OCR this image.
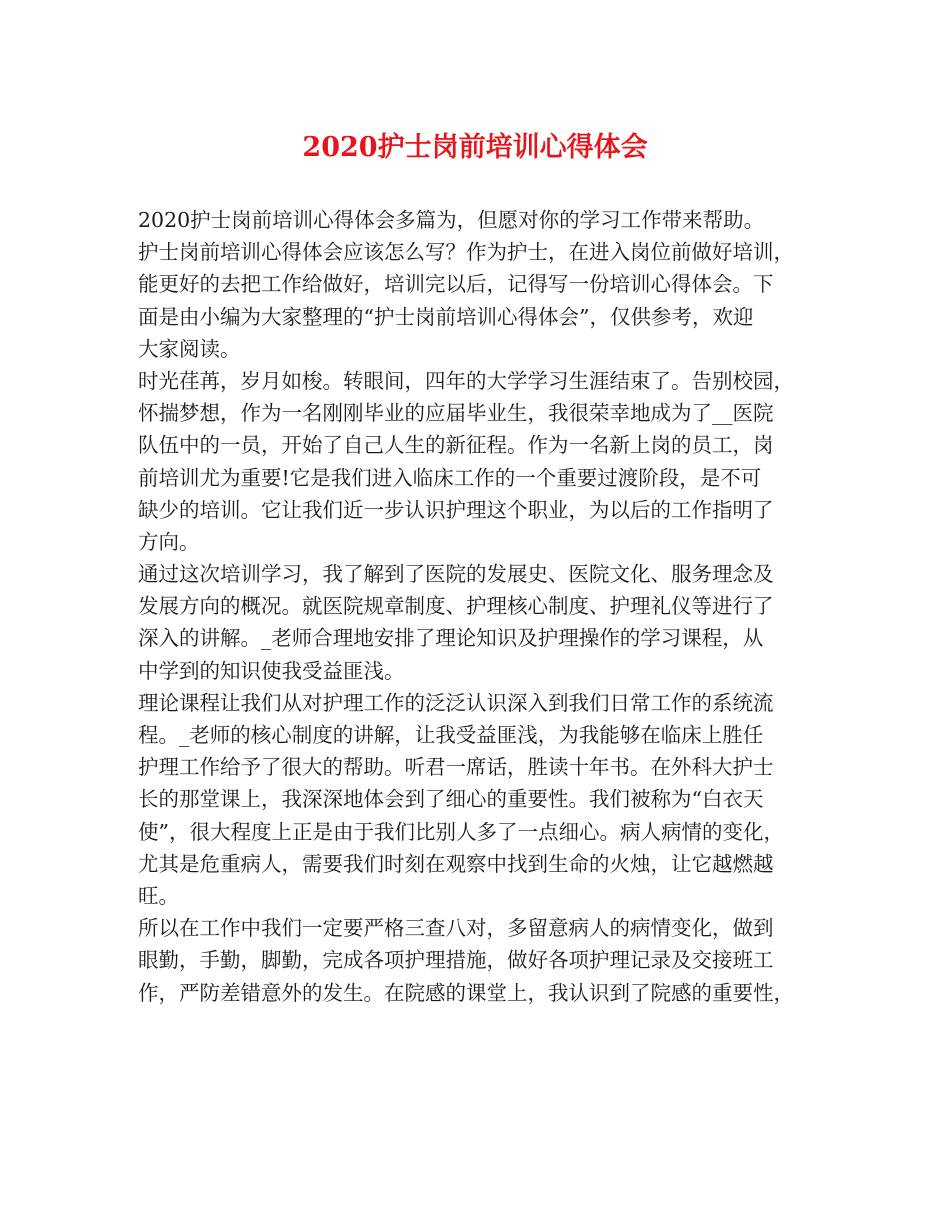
2020护士岗前培训心得体会
2020护士岗前培训心得体会多篇为，但愿对你的学习工作带来帮助。
护士岗前培训心得体会应该怎么写？作为护士，在进入岗位前做好培训，
能更好的去把工作给做好，培训完以后，记得写一份培训心得体会。下
面是由小编为大家整理的“护士岗前培训心得体会”，仅供参考，欢迎
大家阅读。
时光荏苒，岁月如梭。转眼间，四年的大学学习生涯结束了。告别校园，
怀揣梦想，作为一名刚刚毕业的应届毕业生，我很荣幸地成为了__医院
队伍中的一员，开始了自己人生的新征程。作为一名新上岗的员工，岗
前培训尤为重要!它是我们进入临床工作的一个重要过渡阶段，是不可
缺少的培训。它让我们近一步认识护理这个职业，为以后的工作指明了
方向。
通过这次培训学习，我了解到了医院的发展史、医院文化、服务理念及
发展方向的概况。就医院规章制度、护理核心制度、护理礼仪等进行了
深入的讲解。_老师合理地安排了理论知识及护理操作的学习课程，从
中学到的知识使我受益匪浅。
理论课程让我们从对护理工作的泛泛认识深入到我们日常工作的系统流
程。_老师的核心制度的讲解，让我受益匪浅，为我能够在临床上胜任
护理工作给予了很大的帮助。听君一席话，胜读十年书。在外科大护士
长的那堂课上，我深深地体会到了细心的重要性。我们被称为“白衣天
使”，很大程度上正是由于我们比别人多了一点细心。病人病情的变化，
尤其是危重病人，需要我们时刻在观察中找到生命的火烛，让它越燃越
旺。
所以在工作中我们一定要严格三查八对，多留意病人的病情变化，做到
眼勤，手勤，脚勤，完成各项护理措施，做好各项护理记录及交接班工
作，严防差错意外的发生。在院感的课堂上，我认识到了院感的重要性，
